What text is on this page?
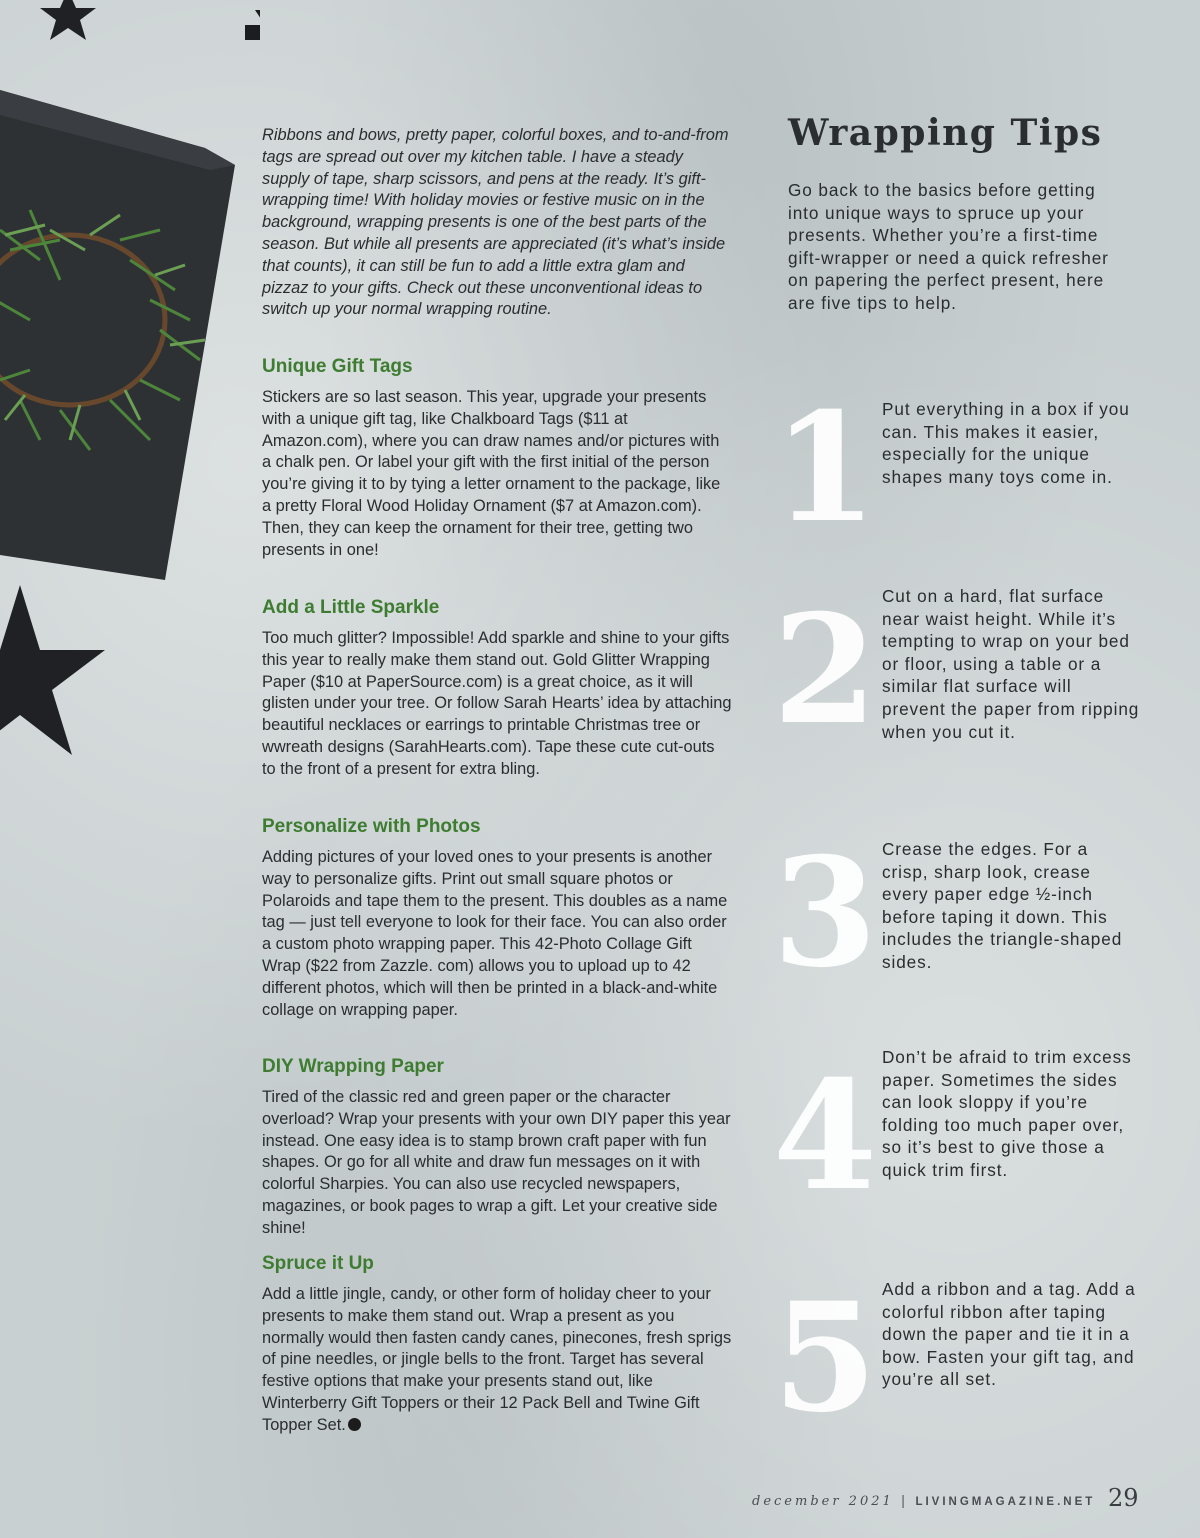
Ribbons and bows, pretty paper, colorful boxes, and to-and-from tags are spread out over my kitchen table. I have a steady supply of tape, sharp scissors, and pens at the ready. It’s gift-wrapping time! With holiday movies or festive music on in the background, wrapping presents is one of the best parts of the season. But while all presents are appreciated (it’s what’s inside that counts), it can still be fun to add a little extra glam and pizzaz to your gifts. Check out these unconventional ideas to switch up your normal wrapping routine.

Unique Gift Tags

Stickers are so last season. This year, upgrade your presents with a unique gift tag, like Chalkboard Tags ($11 at Amazon.com), where you can draw names and/or pictures with a chalk pen. Or label your gift with the first initial of the person you’re giving it to by tying a letter ornament to the package, like a pretty Floral Wood Holiday Ornament ($7 at Amazon.com). Then, they can keep the ornament for their tree, getting two presents in one!

Add a Little Sparkle

Too much glitter? Impossible! Add sparkle and shine to your gifts this year to really make them stand out. Gold Glitter Wrapping Paper ($10 at PaperSource.com) is a great choice, as it will glisten under your tree. Or follow Sarah Hearts’ idea by attaching beautiful necklaces or earrings to printable Christmas tree or wwreath designs (SarahHearts.com). Tape these cute cut-outs to the front of a present for extra bling.

Personalize with Photos

Adding pictures of your loved ones to your presents is another way to personalize gifts. Print out small square photos or Polaroids and tape them to the present. This doubles as a name tag — just tell everyone to look for their face. You can also order a custom photo wrapping paper. This 42-Photo Collage Gift Wrap ($22 from Zazzle. com) allows you to upload up to 42 different photos, which will then be printed in a black-and-white collage on wrapping paper.

DIY Wrapping Paper

Tired of the classic red and green paper or the character overload? Wrap your presents with your own DIY paper this year instead. One easy idea is to stamp brown craft paper with fun shapes. Or go for all white and draw fun messages on it with colorful Sharpies. You can also use recycled newspapers, magazines, or book pages to wrap a gift. Let your creative side shine!

Spruce it Up

Add a little jingle, candy, or other form of holiday cheer to your presents to make them stand out. Wrap a present as you normally would then fasten candy canes, pinecones, fresh sprigs of pine needles, or jingle bells to the front. Target has several festive options that make your presents stand out, like Winterberry Gift Toppers or their 12 Pack Bell and Twine Gift Topper Set.

Wrapping Tips

Go back to the basics before getting into unique ways to spruce up your presents. Whether you’re a first-time gift-wrapper or need a quick refresher on papering the perfect present, here are five tips to help.

1 Put everything in a box if you can. This makes it easier, especially for the unique shapes many toys come in.

2 Cut on a hard, flat surface near waist height. While it’s tempting to wrap on your bed or floor, using a table or a similar flat surface will prevent the paper from ripping when you cut it.

3 Crease the edges. For a crisp, sharp look, crease every paper edge ½-inch before taping it down. This includes the triangle-shaped sides.

4 Don’t be afraid to trim excess paper. Sometimes the sides can look sloppy if you’re folding too much paper over, so it’s best to give those a quick trim first.

5 Add a ribbon and a tag. Add a colorful ribbon after taping down the paper and tie it in a bow. Fasten your gift tag, and you’re all set.

december 2021 | LIVINGMAGAZINE.NET 29
